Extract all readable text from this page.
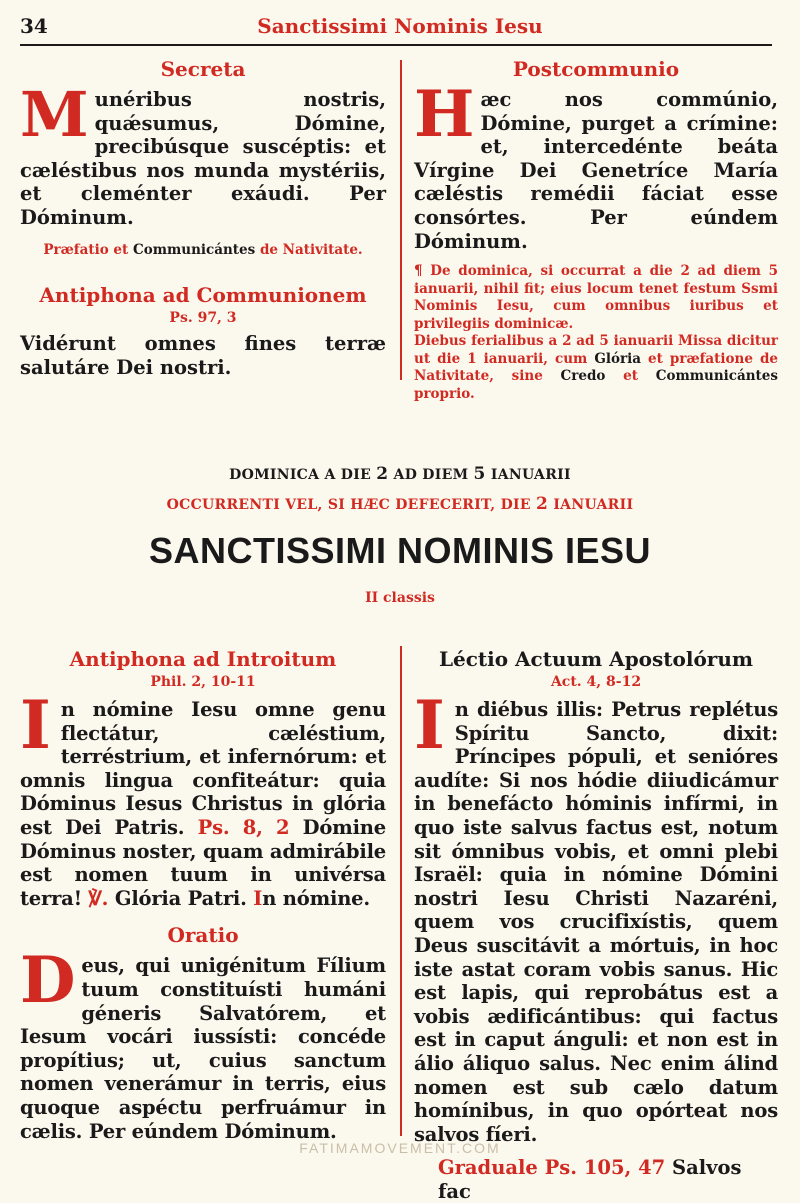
34	Sanctissimi Nominis Iesu
Secreta
Munéribus nostris, quǽsumus, Dómine, precibúsque suscéptis: et cæléstibus nos munda mystériis, et cleménter exáudi. Per Dóminum.
Præfatio et Communicántes de Nativitate.
Antiphona ad Communionem
Ps. 97, 3
Vidérunt omnes fines terræ salutáre Dei nostri.
Postcommunio
Hæc nos commúnio, Dómine, purget a crímine: et, intercedénte beáta Vírgine Dei Genetríce María cæléstis remédii fáciat esse consórtes. Per eúndem Dóminum.
¶ De dominica, si occurrat a die 2 ad diem 5 ianuarii, nihil fit; eius locum tenet festum Ssmi Nominis Iesu, cum omnibus iuribus et privilegiis dominicæ.
Diebus ferialibus a 2 ad 5 ianuarii Missa dicitur ut die 1 ianuarii, cum Glória et præfatione de Nativitate, sine Credo et Communicántes proprio.
DOMINICA A DIE 2 AD DIEM 5 IANUARII
OCCURRENTI VEL, SI HÆC DEFECERIT, DIE 2 IANUARII
SANCTISSIMI NOMINIS IESU
II classis
Antiphona ad Introitum
Phil. 2, 10-11
In nómine Iesu omne genu flectátur, cæléstium, terréstrium, et infernórum: et omnis lingua confiteátur: quia Dóminus Iesus Christus in glória est Dei Patris. Ps. 8, 2 Dómine Dóminus noster, quam admirábile est nomen tuum in univérsa terra! ℣. Glória Patri. In nómine.
Oratio
Deus, qui unigénitum Fílium tuum constituísti humáni géneris Salvatórem, et Iesum vocári iussísti: concéde propítius; ut, cuius sanctum nomen venerámur in terris, eius quoque aspéctu perfruámur in cælis. Per eúndem Dóminum.
Léctio Actuum Apostolórum
Act. 4, 8-12
In diébus illis: Petrus replétus Spíritu Sancto, dixit: Príncipes pópuli, et senióres audíte: Si nos hódie diiudicámur in benefácto hóminis infírmi, in quo iste salvus factus est, notum sit ómnibus vobis, et omni plebi Israël: quia in nómine Dómini nostri Iesu Christi Nazaréni, quem vos crucifixístis, quem Deus suscitávit a mórtuis, in hoc iste astat coram vobis sanus. Hic est lapis, qui reprobátus est a vobis ædificántibus: qui factus est in caput ánguli: et non est in álio áliquo salus. Nec enim álind nomen est sub cælo datum homínibus, in quo opórteat nos salvos fíeri.
Graduale Ps. 105, 47 Salvos fac
FATIMAMOVEMENT.COM
